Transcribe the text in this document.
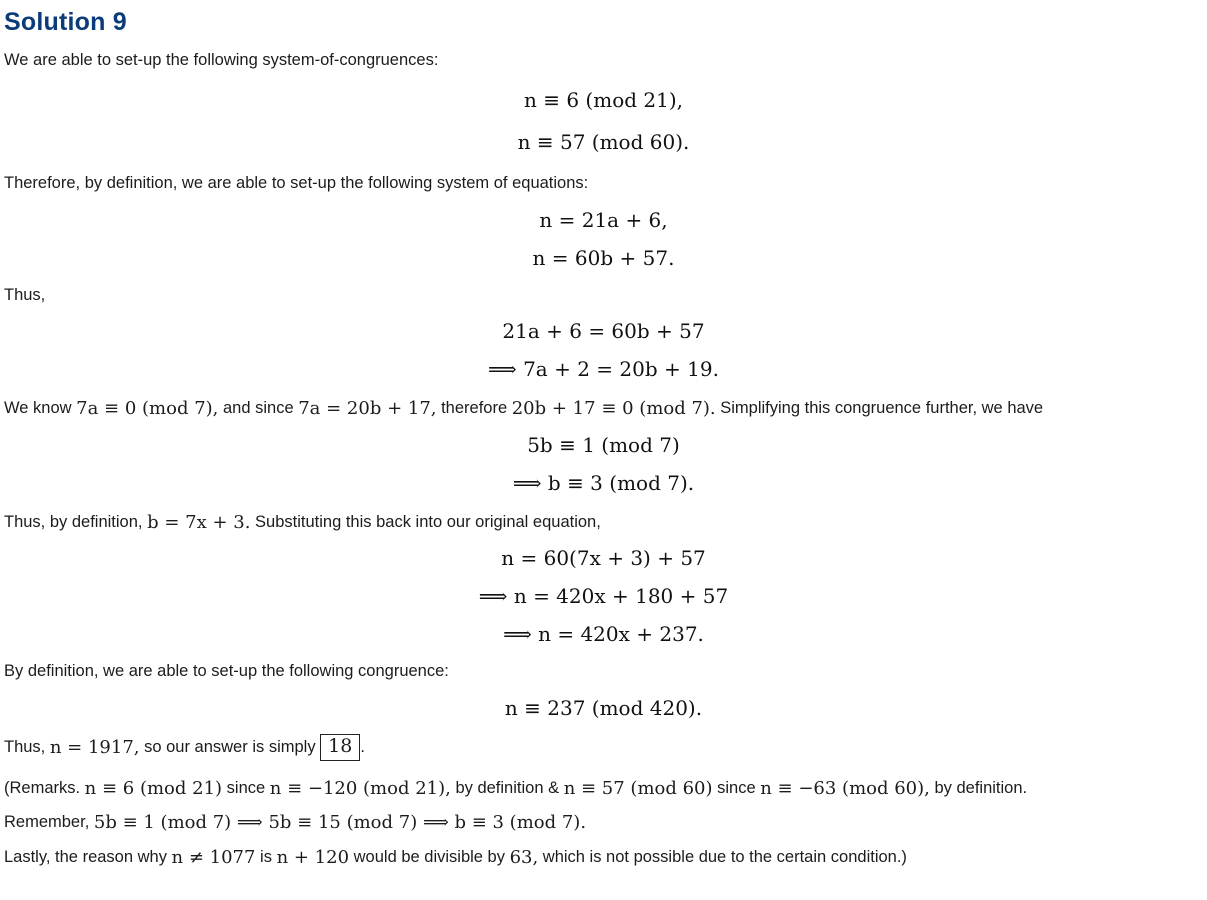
Solution 9

We are able to set-up the following system-of-congruences:

n ≡ 6 (mod 21),
n ≡ 57 (mod 60).

Therefore, by definition, we are able to set-up the following system of equations:

n = 21a + 6,
n = 60b + 57.

Thus,

21a + 6 = 60b + 57
⟹ 7a + 2 = 20b + 19.

We know 7a ≡ 0 (mod 7), and since 7a = 20b + 17, therefore 20b + 17 ≡ 0 (mod 7). Simplifying this congruence further, we have

5b ≡ 1 (mod 7)
⟹ b ≡ 3 (mod 7).

Thus, by definition, b = 7x + 3. Substituting this back into our original equation,

n = 60(7x + 3) + 57
⟹ n = 420x + 180 + 57
⟹ n = 420x + 237.

By definition, we are able to set-up the following congruence:

n ≡ 237 (mod 420).

Thus, n = 1917, so our answer is simply 18 .

(Remarks. n ≡ 6 (mod 21) since n ≡ −120 (mod 21), by definition & n ≡ 57 (mod 60) since n ≡ −63 (mod 60), by definition.

Remember, 5b ≡ 1 (mod 7) ⟹ 5b ≡ 15 (mod 7) ⟹ b ≡ 3 (mod 7).

Lastly, the reason why n ≠ 1077 is n + 120 would be divisible by 63, which is not possible due to the certain condition.)
